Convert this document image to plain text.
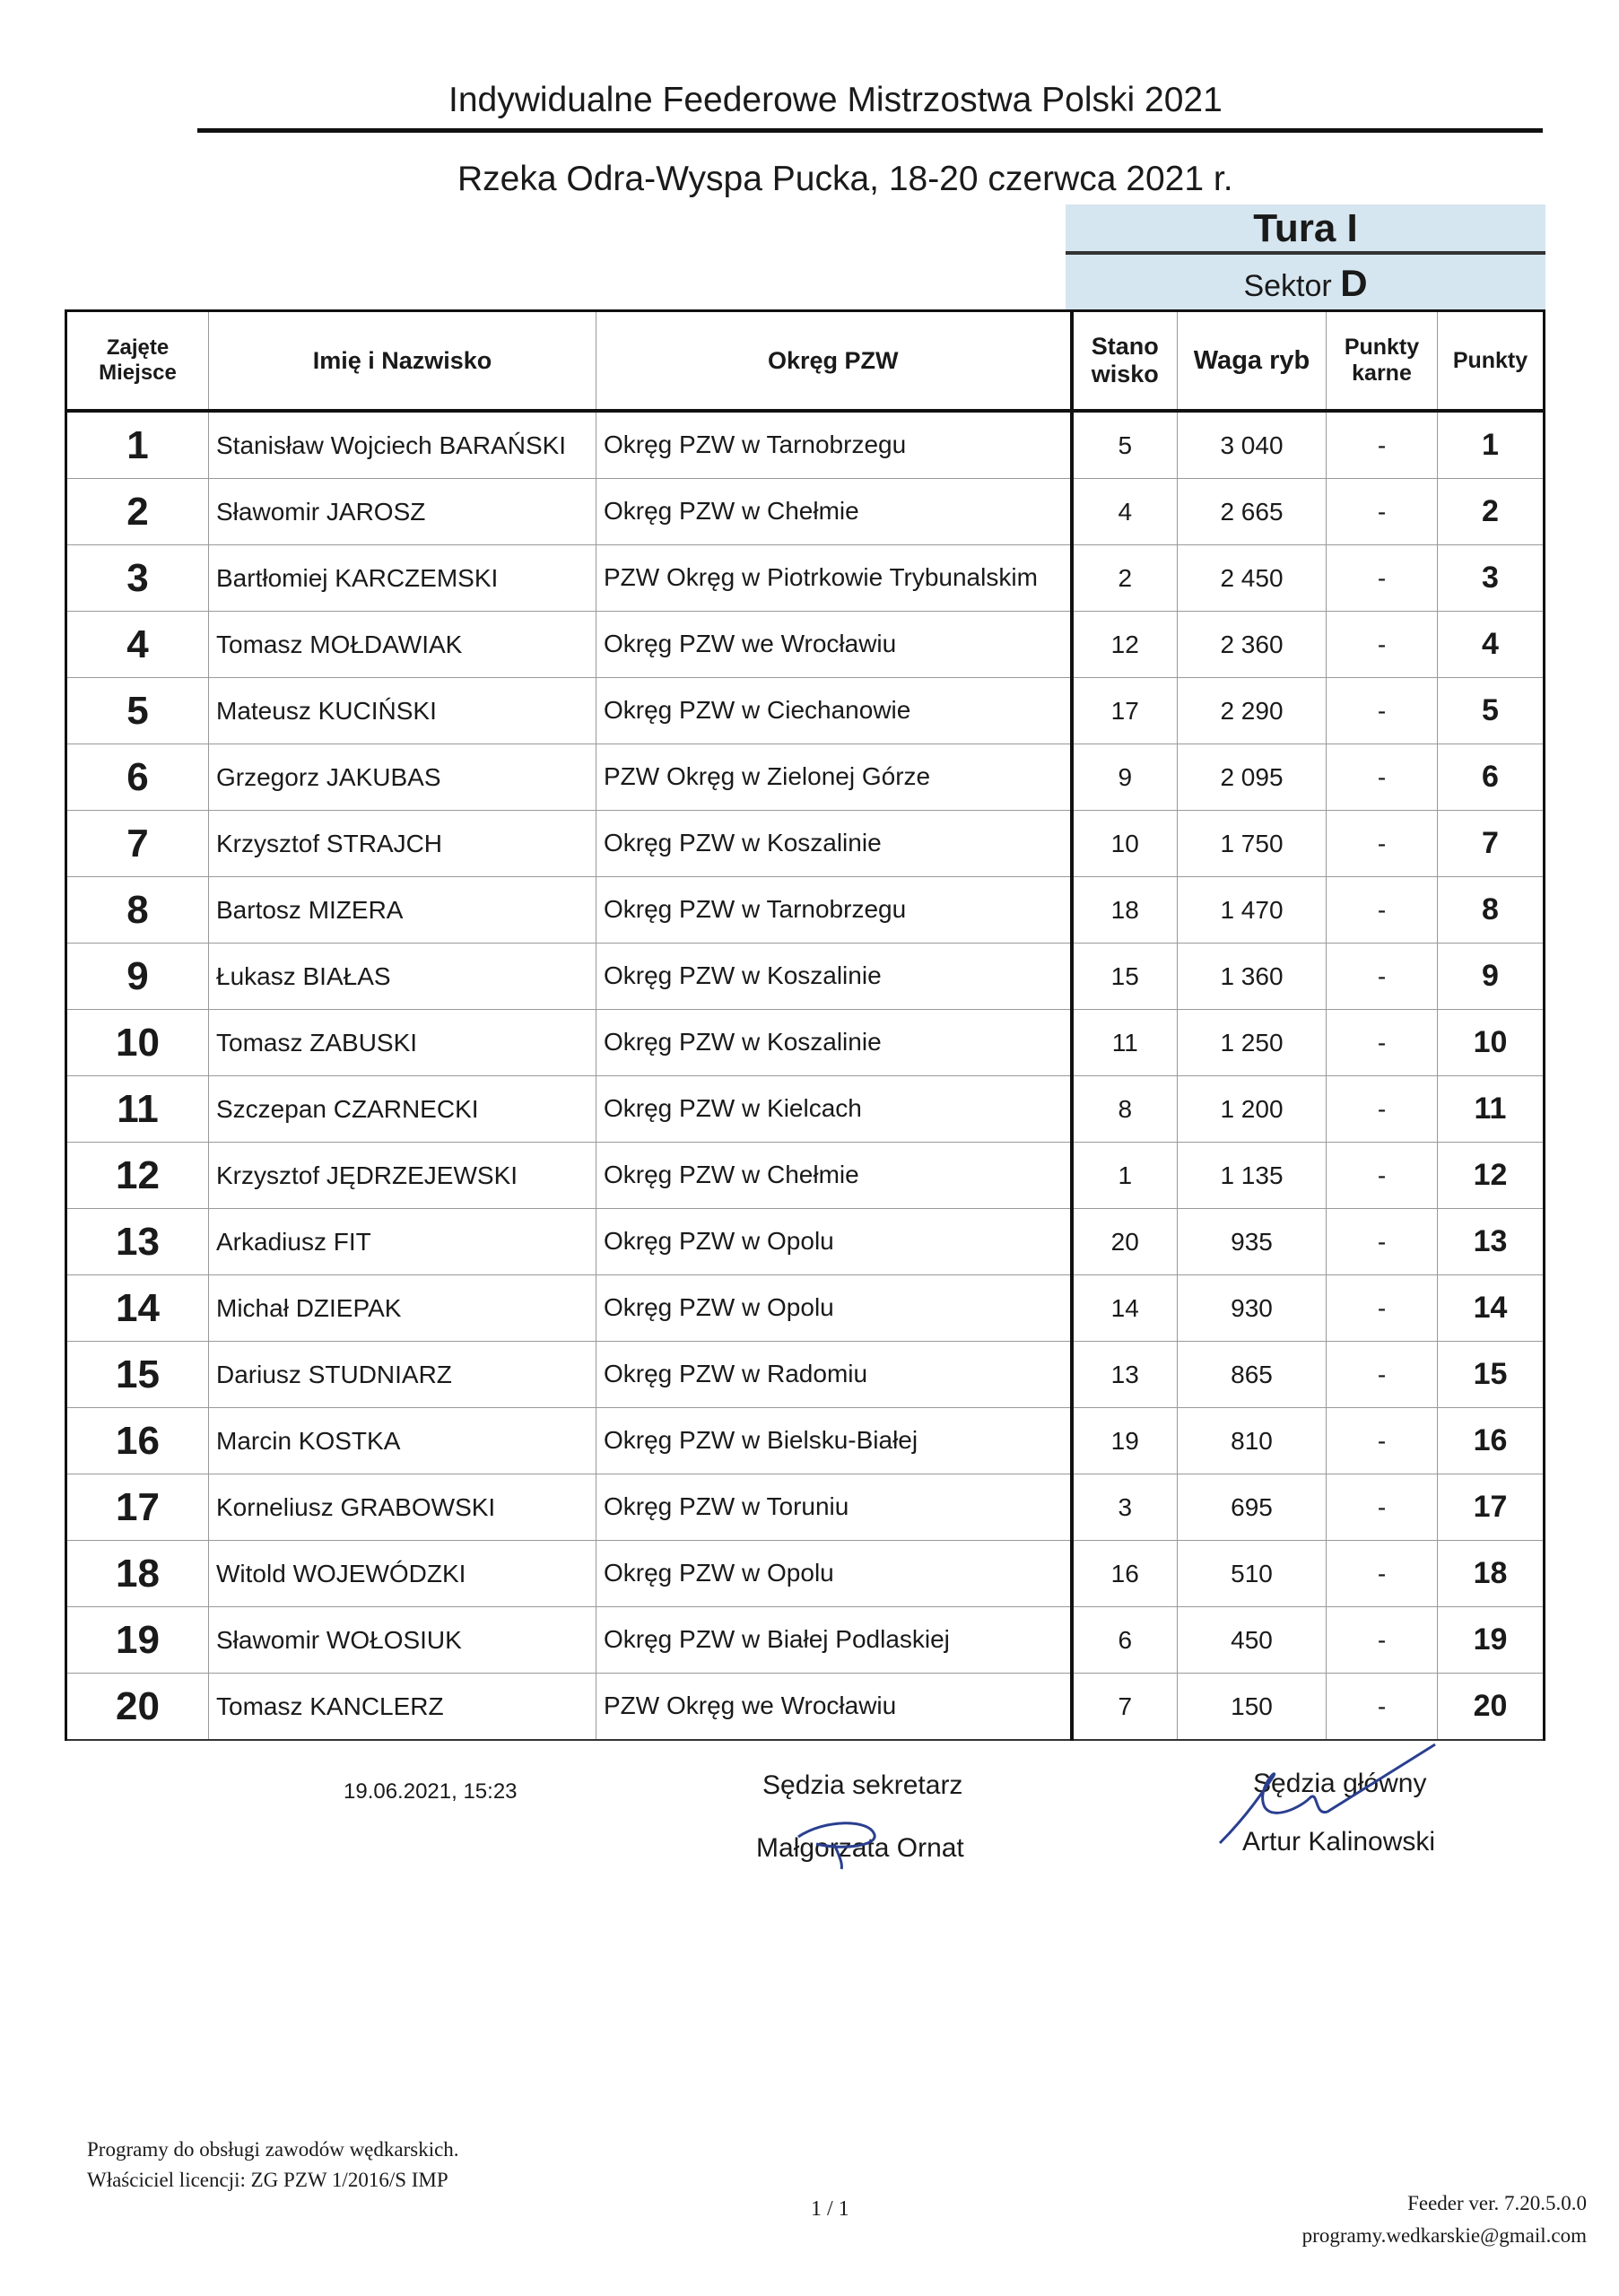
Indywidualne Feederowe Mistrzostwa Polski 2021
Rzeka Odra-Wyspa Pucka, 18-20 czerwca 2021 r.
Tura I
Sektor D
Zajęte Miejsce	Imię i Nazwisko	Okręg PZW	Stano wisko	Waga ryb	Punkty karne	Punkty
1	Stanisław Wojciech BARAŃSKI	Okręg PZW w Tarnobrzegu	5	3 040	-	1
2	Sławomir JAROSZ	Okręg PZW w Chełmie	4	2 665	-	2
3	Bartłomiej KARCZEMSKI	PZW Okręg w Piotrkowie Trybunalskim	2	2 450	-	3
4	Tomasz MOŁDAWIAK	Okręg PZW we Wrocławiu	12	2 360	-	4
5	Mateusz KUCIŃSKI	Okręg PZW w Ciechanowie	17	2 290	-	5
6	Grzegorz JAKUBAS	PZW Okręg w Zielonej Górze	9	2 095	-	6
7	Krzysztof STRAJCH	Okręg PZW w Koszalinie	10	1 750	-	7
8	Bartosz MIZERA	Okręg PZW w Tarnobrzegu	18	1 470	-	8
9	Łukasz BIAŁAS	Okręg PZW w Koszalinie	15	1 360	-	9
10	Tomasz ZABUSKI	Okręg PZW w Koszalinie	11	1 250	-	10
11	Szczepan CZARNECKI	Okręg PZW w Kielcach	8	1 200	-	11
12	Krzysztof JĘDRZEJEWSKI	Okręg PZW w Chełmie	1	1 135	-	12
13	Arkadiusz FIT	Okręg PZW w Opolu	20	935	-	13
14	Michał DZIEPAK	Okręg PZW w Opolu	14	930	-	14
15	Dariusz STUDNIARZ	Okręg PZW w Radomiu	13	865	-	15
16	Marcin KOSTKA	Okręg PZW w Bielsku-Białej	19	810	-	16
17	Korneliusz GRABOWSKI	Okręg PZW w Toruniu	3	695	-	17
18	Witold WOJEWÓDZKI	Okręg PZW w Opolu	16	510	-	18
19	Sławomir WOŁOSIUK	Okręg PZW w Białej Podlaskiej	6	450	-	19
20	Tomasz KANCLERZ	PZW Okręg we Wrocławiu	7	150	-	20
19.06.2021, 15:23	Sędzia sekretarz
Małgorzata Ornat
Sędzia główny
Artur Kalinowski
Programy do obsługi zawodów wędkarskich.
Właściciel licencji: ZG PZW 1/2016/S IMP
1 / 1	Feeder ver. 7.20.5.0.0
programy.wedkarskie@gmail.com
